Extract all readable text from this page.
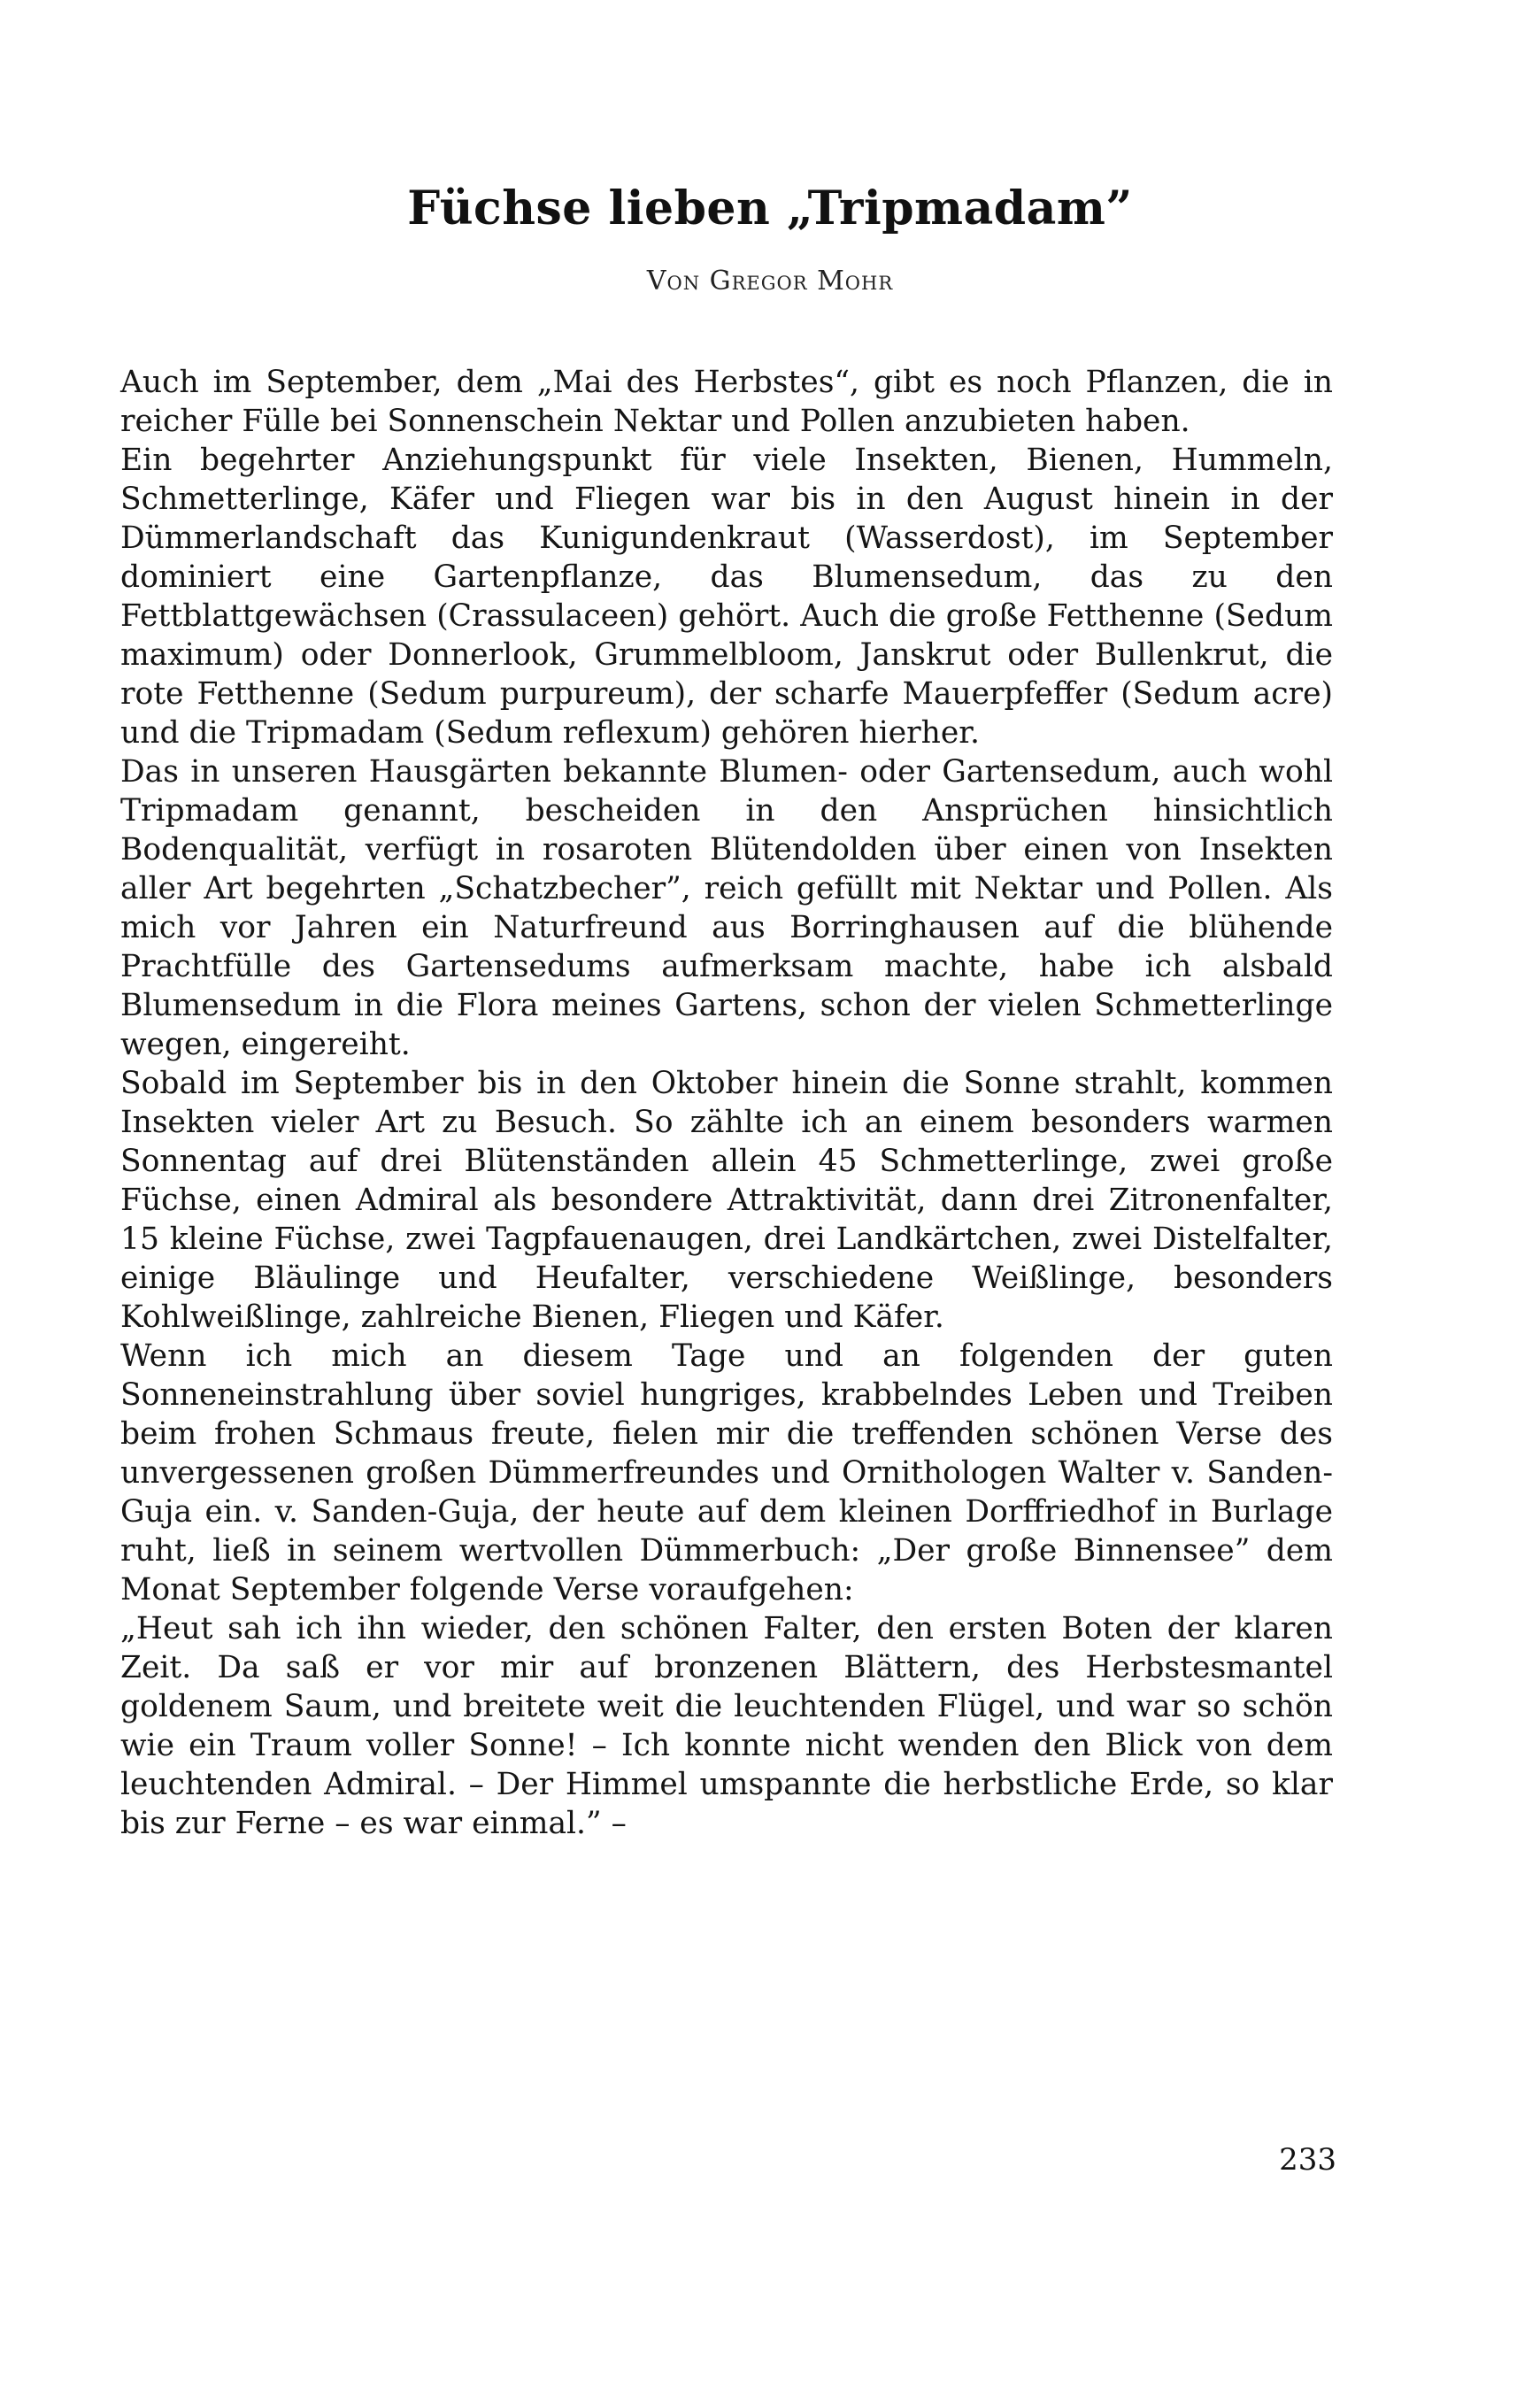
Füchse lieben „Tripmadam”
Von Gregor Mohr

Auch im September, dem „Mai des Herbstes“, gibt es noch Pflanzen, die in reicher Fülle bei Sonnenschein Nektar und Pollen anzubieten haben.

Ein begehrter Anziehungspunkt für viele Insekten, Bienen, Hummeln, Schmetterlinge, Käfer und Fliegen war bis in den August hinein in der Dümmerlandschaft das Kunigundenkraut (Wasserdost), im September dominiert eine Gartenpflanze, das Blumensedum, das zu den Fettblattgewächsen (Crassulaceen) gehört. Auch die große Fetthenne (Sedum maximum) oder Donnerlook, Grummelbloom, Janskrut oder Bullenkrut, die rote Fetthenne (Sedum purpureum), der scharfe Mauerpfeffer (Sedum acre) und die Tripmadam (Sedum reflexum) gehören hierher.

Das in unseren Hausgärten bekannte Blumen- oder Gartensedum, auch wohl Tripmadam genannt, bescheiden in den Ansprüchen hinsichtlich Bodenqualität, verfügt in rosaroten Blütendolden über einen von Insekten aller Art begehrten „Schatzbecher”, reich gefüllt mit Nektar und Pollen. Als mich vor Jahren ein Naturfreund aus Borringhausen auf die blühende Prachtfülle des Gartensedums aufmerksam machte, habe ich alsbald Blumensedum in die Flora meines Gartens, schon der vielen Schmetterlinge wegen, eingereiht.

Sobald im September bis in den Oktober hinein die Sonne strahlt, kommen Insekten vieler Art zu Besuch. So zählte ich an einem besonders warmen Sonnentag auf drei Blütenständen allein 45 Schmetterlinge, zwei große Füchse, einen Admiral als besondere Attraktivität, dann drei Zitronenfalter, 15 kleine Füchse, zwei Tagpfauenaugen, drei Landkärtchen, zwei Distelfalter, einige Bläulinge und Heufalter, verschiedene Weißlinge, besonders Kohlweißlinge, zahlreiche Bienen, Fliegen und Käfer.

Wenn ich mich an diesem Tage und an folgenden der guten Sonneneinstrahlung über soviel hungriges, krabbelndes Leben und Treiben beim frohen Schmaus freute, fielen mir die treffenden schönen Verse des unvergessenen großen Dümmerfreundes und Ornithologen Walter v. Sanden-Guja ein. v. Sanden-Guja, der heute auf dem kleinen Dorffriedhof in Burlage ruht, ließ in seinem wertvollen Dümmerbuch: „Der große Binnensee” dem Monat September folgende Verse voraufgehen:

„Heut sah ich ihn wieder, den schönen Falter, den ersten Boten der klaren Zeit. Da saß er vor mir auf bronzenen Blättern, des Herbstesmantel goldenem Saum, und breitete weit die leuchtenden Flügel, und war so schön wie ein Traum voller Sonne! – Ich konnte nicht wenden den Blick von dem leuchtenden Admiral. – Der Himmel umspannte die herbstliche Erde, so klar bis zur Ferne – es war einmal.” –

233
